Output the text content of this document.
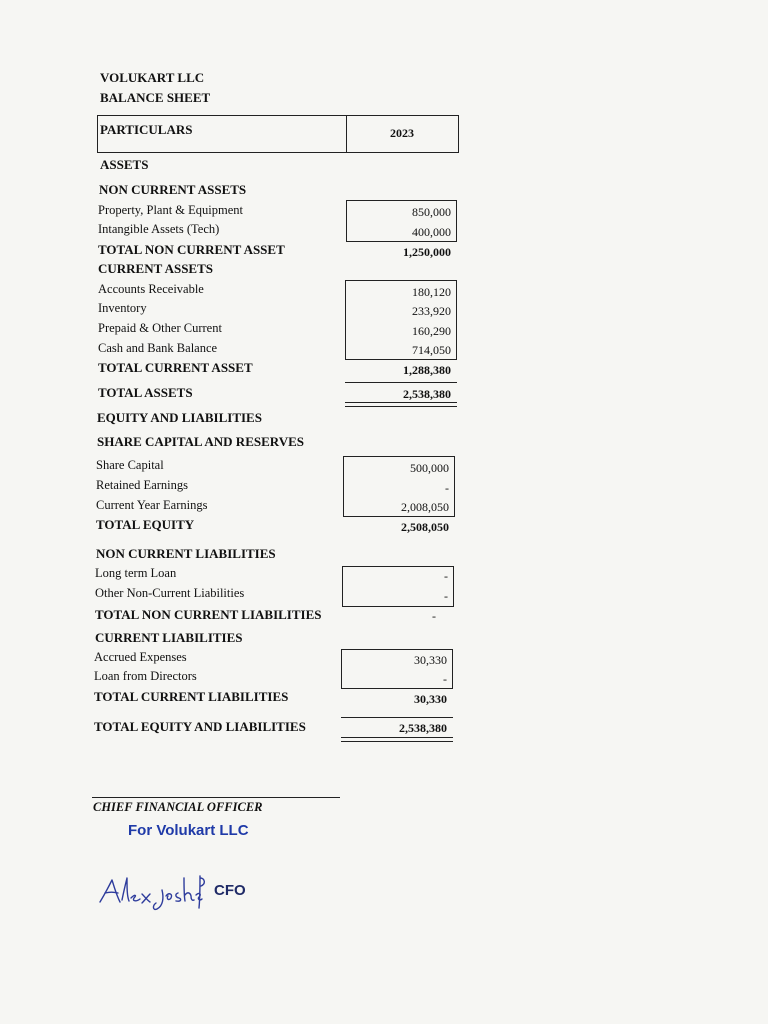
VOLUKART LLC
BALANCE SHEET
PARTICULARS	2023
ASSETS
NON CURRENT ASSETS
Property, Plant & Equipment	850,000
Intangible Assets (Tech)	400,000
TOTAL NON CURRENT ASSET	1,250,000
CURRENT ASSETS
Accounts Receivable	180,120
Inventory	233,920
Prepaid & Other Current	160,290
Cash and Bank Balance	714,050
TOTAL CURRENT ASSET	1,288,380
TOTAL ASSETS	2,538,380
EQUITY AND LIABILITIES
SHARE CAPITAL AND RESERVES
Share Capital	500,000
Retained Earnings	-
Current Year Earnings	2,008,050
TOTAL EQUITY	2,508,050
NON CURRENT LIABILITIES
Long term Loan	-
Other Non-Current Liabilities	-
TOTAL NON CURRENT LIABILITIES	-
CURRENT LIABILITIES
Accrued Expenses	30,330
Loan from Directors	-
TOTAL CURRENT LIABILITIES	30,330
TOTAL EQUITY AND LIABILITIES	2,538,380
CHIEF FINANCIAL OFFICER
For Volukart LLC
CFO
